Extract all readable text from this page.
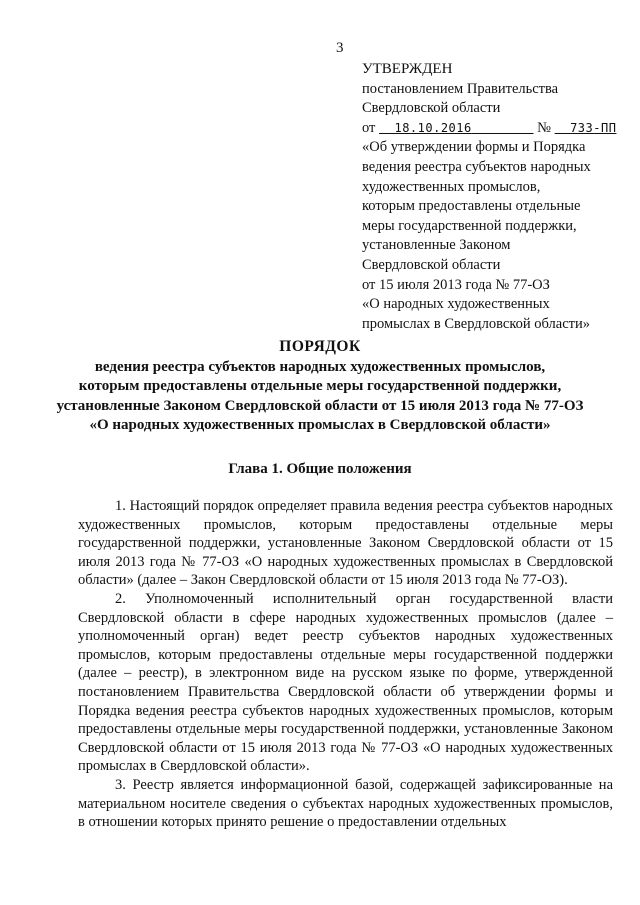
3
УТВЕРЖДЕН
постановлением Правительства
Свердловской области
от 18.10.2016	№ 733-ПП
«Об утверждении формы и Порядка
ведения реестра субъектов народных
художественных промыслов,
которым предоставлены отдельные
меры государственной поддержки,
установленные Законом
Свердловской области
от 15 июля 2013 года № 77-ОЗ
«О народных художественных
промыслах в Свердловской области»
ПОРЯДОК
ведения реестра субъектов народных художественных промыслов,
которым предоставлены отдельные меры государственной поддержки,
установленные Законом Свердловской области от 15 июля 2013 года № 77-ОЗ
«О народных художественных промыслах в Свердловской области»
Глава 1. Общие положения

1. Настоящий порядок определяет правила ведения реестра субъектов народных художественных промыслов, которым предоставлены отдельные меры государственной поддержки, установленные Законом Свердловской области от 15 июля 2013 года № 77-ОЗ «О народных художественных промыслах в Свердловской области» (далее – Закон Свердловской области от 15 июля 2013 года № 77-ОЗ).

2. Уполномоченный исполнительный орган государственной власти Свердловской области в сфере народных художественных промыслов (далее – уполномоченный орган) ведет реестр субъектов народных художественных промыслов, которым предоставлены отдельные меры государственной поддержки (далее – реестр), в электронном виде на русском языке по форме, утвержденной постановлением Правительства Свердловской области об утверждении формы и Порядка ведения реестра субъектов народных художественных промыслов, которым предоставлены отдельные меры государственной поддержки, установленные Законом Свердловской области от 15 июля 2013 года № 77-ОЗ «О народных художественных промыслах в Свердловской области».

3. Реестр является информационной базой, содержащей зафиксированные на материальном носителе сведения о субъектах народных художественных промыслов, в отношении которых принято решение о предоставлении отдельных
